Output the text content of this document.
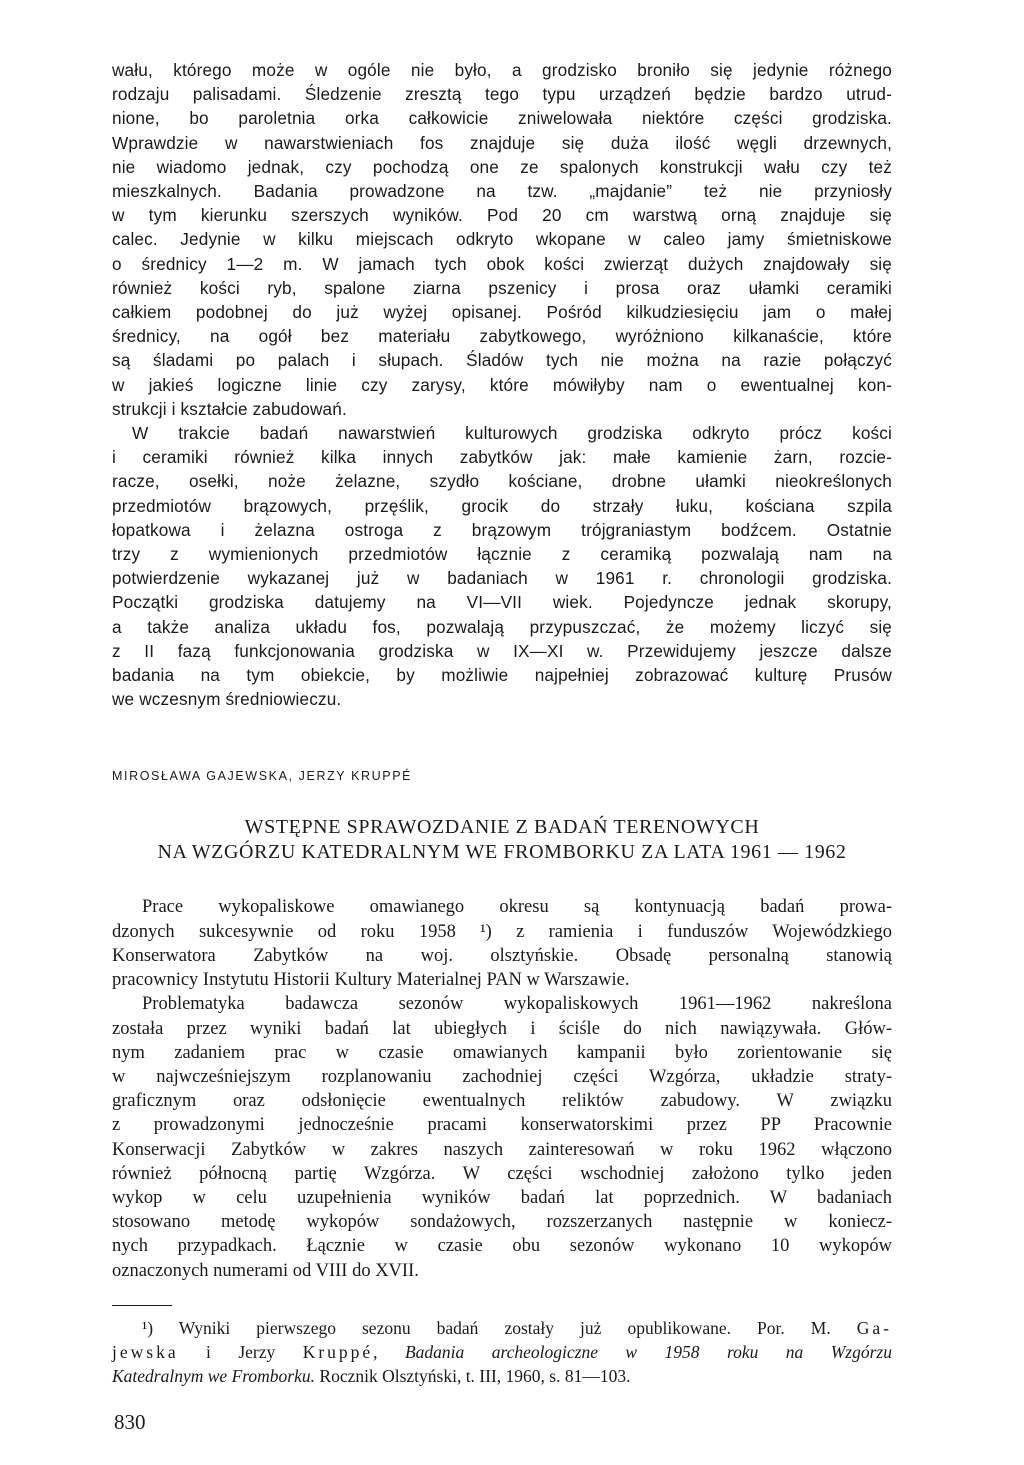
wału, którego może w ogóle nie było, a grodzisko broniło się jedynie różnego

rodzaju palisadami. Śledzenie zresztą tego typu urządzeń będzie bardzo utrud-

nione, bo paroletnia orka całkowicie zniwelowała niektóre części grodziska.

Wprawdzie w nawarstwieniach fos znajduje się duża ilość węgli drzewnych,

nie wiadomo jednak, czy pochodzą one ze spalonych konstrukcji wału czy też

mieszkalnych. Badania prowadzone na tzw. „majdanie” też nie przyniosły

w tym kierunku szerszych wyników. Pod 20 cm warstwą orną znajduje się

calec. Jedynie w kilku miejscach odkryto wkopane w caleo jamy śmietniskowe

o średnicy 1—2 m. W jamach tych obok kości zwierząt dużych znajdowały się

również kości ryb, spalone ziarna pszenicy i prosa oraz ułamki ceramiki

całkiem podobnej do już wyżej opisanej. Pośród kilkudziesięciu jam o małej

średnicy, na ogół bez materiału zabytkowego, wyróżniono kilkanaście, które

są śladami po palach i słupach. Śladów tych nie można na razie połączyć

w jakieś logiczne linie czy zarysy, które mówiłyby nam o ewentualnej kon-

strukcji i kształcie zabudowań.

W trakcie badań nawarstwień kulturowych grodziska odkryto prócz kości

i ceramiki również kilka innych zabytków jak: małe kamienie żarn, rozcie-

racze, osełki, noże żelazne, szydło kościane, drobne ułamki nieokreślonych

przedmiotów brązowych, przęślik, grocik do strzały łuku, kościana szpila

łopatkowa i żelazna ostroga z brązowym trójgraniastym bodźcem. Ostatnie

trzy z wymienionych przedmiotów łącznie z ceramiką pozwalają nam na

potwierdzenie wykazanej już w badaniach w 1961 r. chronologii grodziska.

Początki grodziska datujemy na VI—VII wiek. Pojedyncze jednak skorupy,

a także analiza układu fos, pozwalają przypuszczać, że możemy liczyć się

z II fazą funkcjonowania grodziska w IX—XI w. Przewidujemy jeszcze dalsze

badania na tym obiekcie, by możliwie najpełniej zobrazować kulturę Prusów

we wczesnym średniowieczu.

MIROSŁAWA GAJEWSKA, JERZY KRUPPÉ
WSTĘPNE SPRAWOZDANIE Z BADAŃ TERENOWYCH
NA WZGÓRZU KATEDRALNYM WE FROMBORKU ZA LATA 1961 — 1962

Prace wykopaliskowe omawianego okresu są kontynuacją badań prowa-

dzonych sukcesywnie od roku 1958 ¹) z ramienia i funduszów Wojewódzkiego

Konserwatora Zabytków na woj. olsztyńskie. Obsadę personalną stanowią

pracownicy Instytutu Historii Kultury Materialnej PAN w Warszawie.

Problematyka badawcza sezonów wykopaliskowych 1961—1962 nakreślona

została przez wyniki badań lat ubiegłych i ściśle do nich nawiązywała. Głów-

nym zadaniem prac w czasie omawianych kampanii było zorientowanie się

w najwcześniejszym rozplanowaniu zachodniej części Wzgórza, układzie straty-

graficznym oraz odsłonięcie ewentualnych reliktów zabudowy. W związku

z prowadzonymi jednocześnie pracami konserwatorskimi przez PP Pracownie

Konserwacji Zabytków w zakres naszych zainteresowań w roku 1962 włączono

również północną partię Wzgórza. W części wschodniej założono tylko jeden

wykop w celu uzupełnienia wyników badań lat poprzednich. W badaniach

stosowano metodę wykopów sondażowych, rozszerzanych następnie w koniecz-

nych przypadkach. Łącznie w czasie obu sezonów wykonano 10 wykopów

oznaczonych numerami od VIII do XVII.

¹) Wyniki pierwszego sezonu badań zostały już opublikowane. Por. M. Ga-

jewska i Jerzy Kruppé, Badania archeologiczne w 1958 roku na Wzgórzu

Katedralnym we Fromborku. Rocznik Olsztyński, t. III, 1960, s. 81—103.

830
